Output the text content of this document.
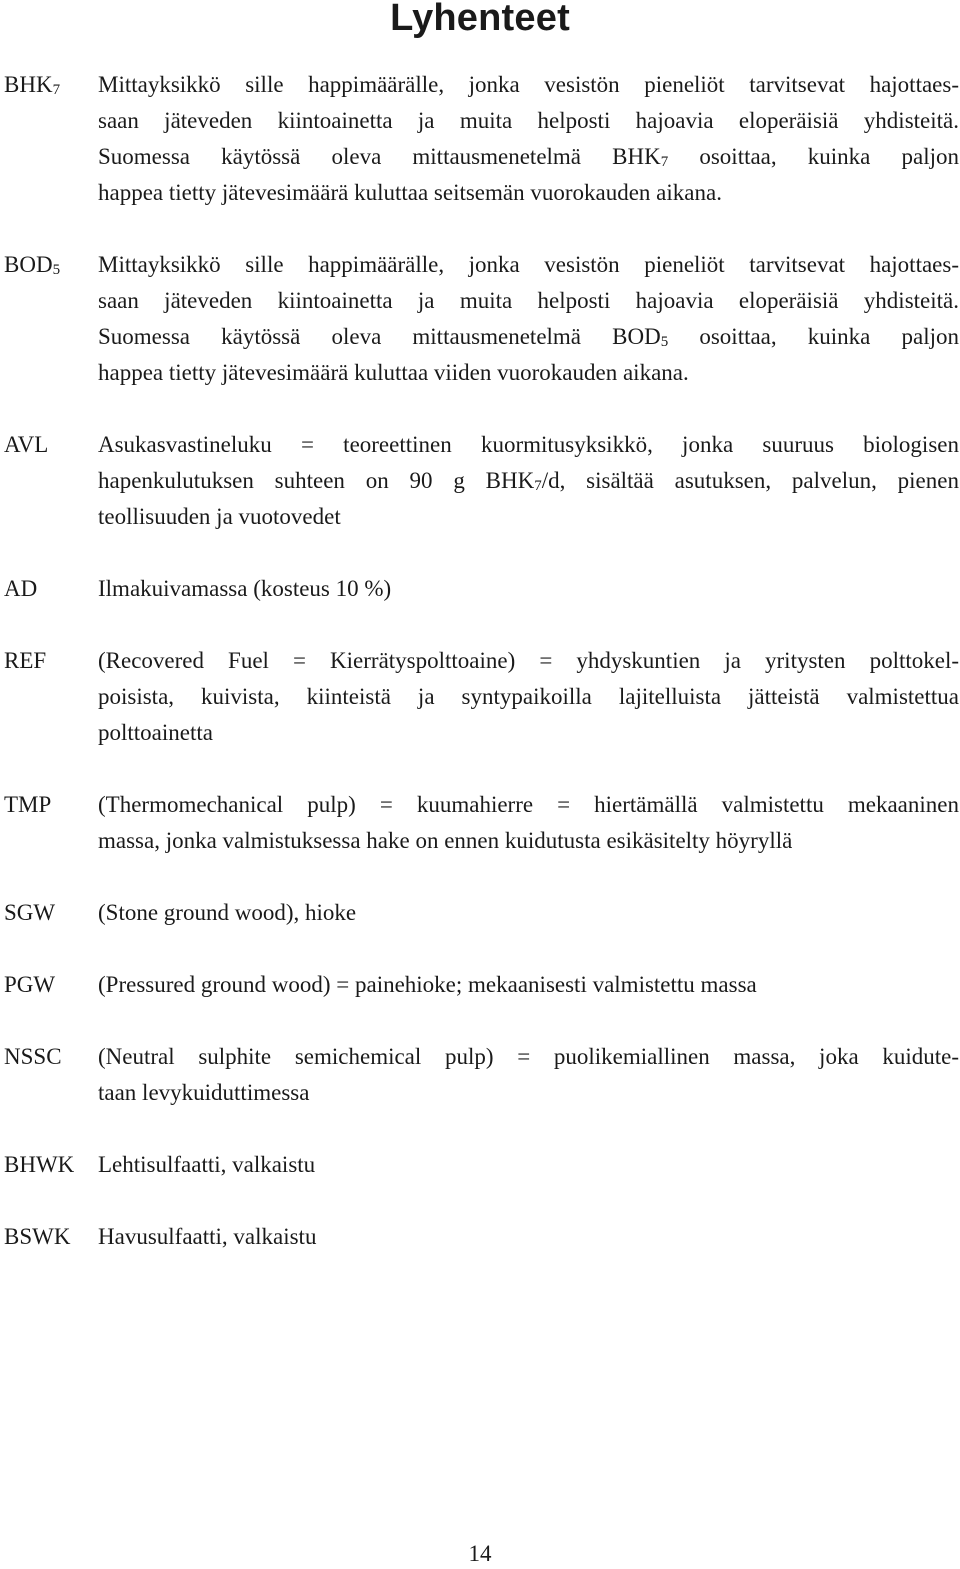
Lyhenteet
$BHK_7$ Mittayksikkö sille happimäärälle, jonka vesistön pieneliöt tarvitsevat hajottaes-
saan jäteveden kiintoainetta ja muita helposti hajoavia eloperäisiä yhdisteitä.
Suomessa käytössä oleva mittausmenetelmä $BHK_7$ osoittaa, kuinka paljon
happea tietty jätevesimäärä kuluttaa seitsemän vuorokauden aikana.
$BOD_5$ Mittayksikkö sille happimäärälle, jonka vesistön pieneliöt tarvitsevat hajottaes-
saan jäteveden kiintoainetta ja muita helposti hajoavia eloperäisiä yhdisteitä.
Suomessa käytössä oleva mittausmenetelmä $BOD_5$ osoittaa, kuinka paljon
happea tietty jätevesimäärä kuluttaa viiden vuorokauden aikana.
AVL Asukasvastineluku = teoreettinen kuormitusyksikkö, jonka suuruus biologisen
hapenkulutuksen suhteen on 90 g $BHK_7/d$, sisältää asutuksen, palvelun, pienen
teollisuuden ja vuotovedet
AD	Ilmakuivamassa (kosteus 10 %)
REF (Recovered Fuel = Kierrätyspolttoaine) = yhdyskuntien ja yritysten polttokel-
poisista, kuivista, kiinteistä ja syntypaikoilla lajitelluista jätteistä valmistettua
polttoainetta
TMP (Thermomechanical pulp) = kuumahierre = hiertämällä valmistettu mekaaninen
massa, jonka valmistuksessa hake on ennen kuidutusta esikäsitelty höyryllä
SGW (Stone ground wood), hioke
PGW (Pressured ground wood) = painehioke; mekaanisesti valmistettu massa
NSSC (Neutral sulphite semichemical pulp) = puolikemiallinen massa, joka kuidute-
taan levykuiduttimessa
BHWK Lehtisulfaatti, valkaistu
BSWK Havusulfaatti, valkaistu
14
